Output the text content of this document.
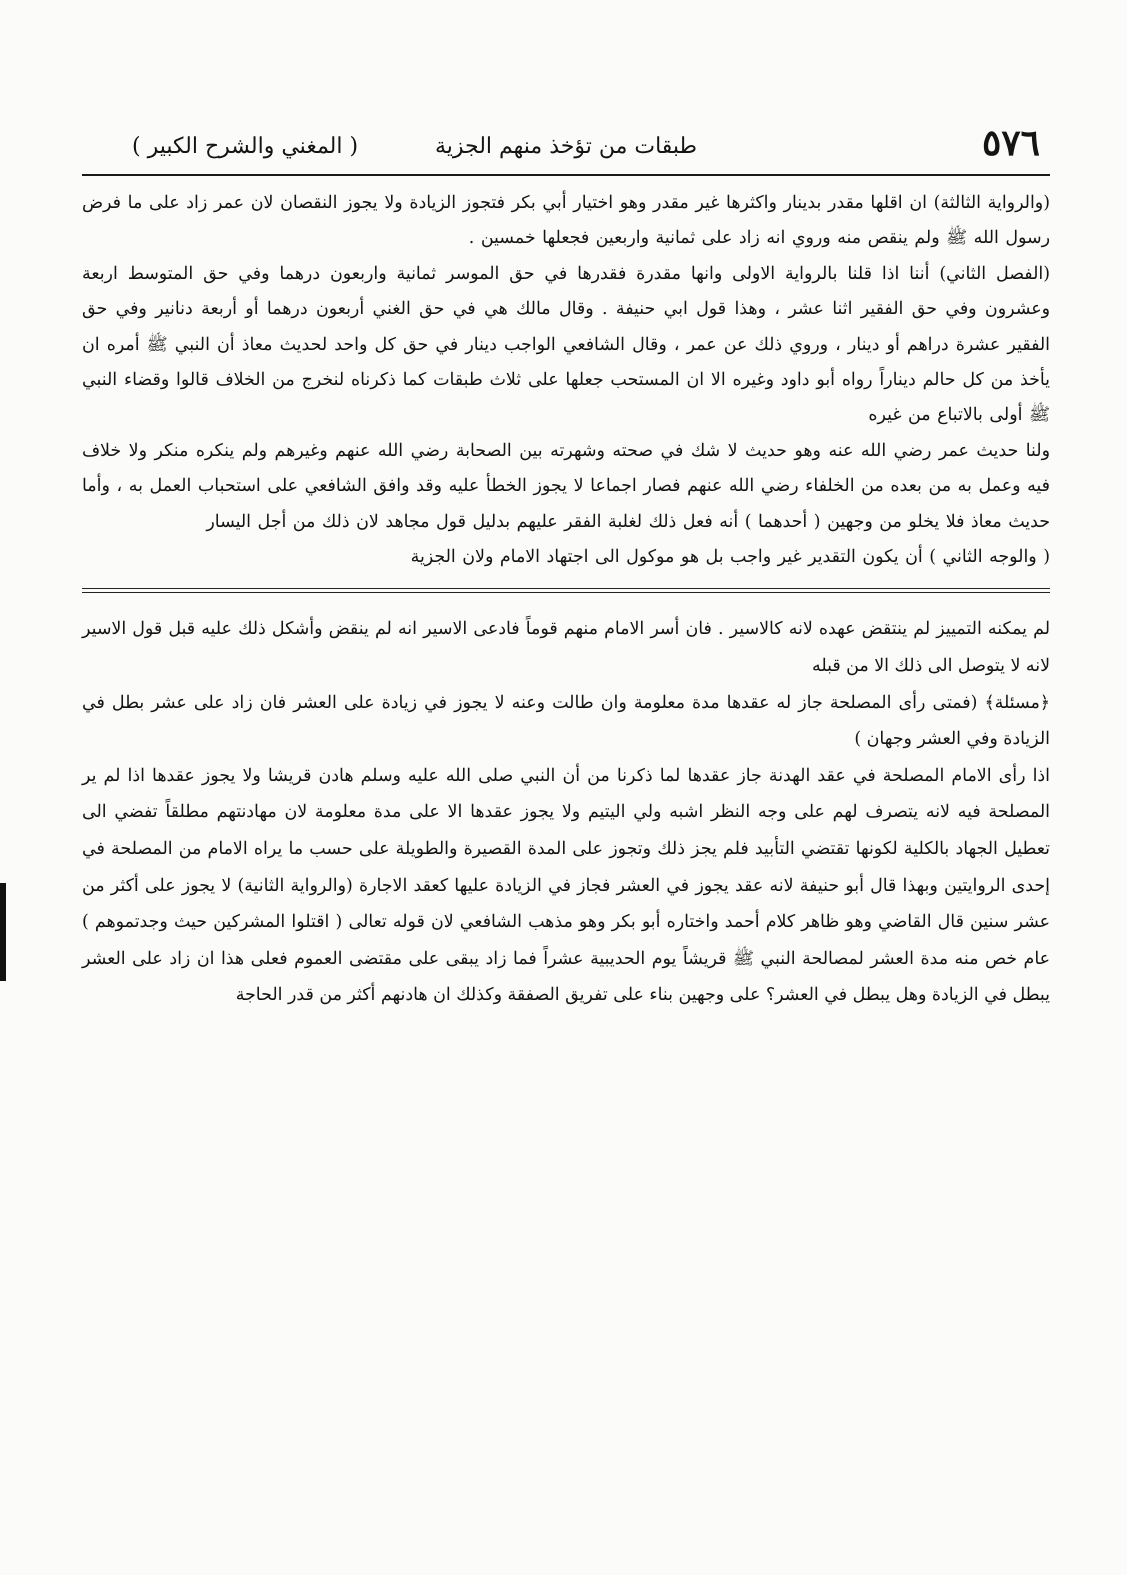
٥٧٦
طبقات من تؤخذ منهم الجزية
( المغني والشرح الكبير )

(والرواية الثالثة) ان اقلها مقدر بدينار واكثرها غير مقدر وهو اختيار أبي بكر فتجوز الزيادة ولا يجوز النقصان لان عمر زاد على ما فرض رسول الله ﷺ ولم ينقص منه وروي انه زاد على ثمانية واربعين فجعلها خمسين .

(الفصل الثاني) أننا اذا قلنا بالرواية الاولى وانها مقدرة فقدرها في حق الموسر ثمانية واربعون درهما وفي حق المتوسط اربعة وعشرون وفي حق الفقير اثنا عشر ، وهذا قول ابي حنيفة . وقال مالك هي في حق الغني أربعون درهما أو أربعة دنانير وفي حق الفقير عشرة دراهم أو دينار ، وروي ذلك عن عمر ، وقال الشافعي الواجب دينار في حق كل واحد لحديث معاذ أن النبي ﷺ أمره ان يأخذ من كل حالم ديناراً رواه أبو داود وغيره الا ان المستحب جعلها على ثلاث طبقات كما ذكرناه لنخرج من الخلاف قالوا وقضاء النبي ﷺ أولى بالاتباع من غيره

ولنا حديث عمر رضي الله عنه وهو حديث لا شك في صحته وشهرته بين الصحابة رضي الله عنهم وغيرهم ولم ينكره منكر ولا خلاف فيه وعمل به من بعده من الخلفاء رضي الله عنهم فصار اجماعا لا يجوز الخطأ عليه وقد وافق الشافعي على استحباب العمل به ، وأما حديث معاذ فلا يخلو من وجهين ( أحدهما ) أنه فعل ذلك لغلبة الفقر عليهم بدليل قول مجاهد لان ذلك من أجل اليسار

( والوجه الثاني ) أن يكون التقدير غير واجب بل هو موكول الى اجتهاد الامام ولان الجزية

لم يمكنه التمييز لم ينتقض عهده لانه كالاسير . فان أسر الامام منهم قوماً فادعى الاسير انه لم ينقض وأشكل ذلك عليه قبل قول الاسير لانه لا يتوصل الى ذلك الا من قبله

﴿مسئلة﴾ (فمتى رأى المصلحة جاز له عقدها مدة معلومة وان طالت وعنه لا يجوز في زيادة على العشر فان زاد على عشر بطل في الزيادة وفي العشر وجهان )

اذا رأى الامام المصلحة في عقد الهدنة جاز عقدها لما ذكرنا من أن النبي صلى الله عليه وسلم هادن قريشا ولا يجوز عقدها اذا لم ير المصلحة فيه لانه يتصرف لهم على وجه النظر اشبه ولي اليتيم ولا يجوز عقدها الا على مدة معلومة لان مهادنتهم مطلقاً تفضي الى تعطيل الجهاد بالكلية لكونها تقتضي التأبيد فلم يجز ذلك وتجوز على المدة القصيرة والطويلة على حسب ما يراه الامام من المصلحة في إحدى الروايتين وبهذا قال أبو حنيفة لانه عقد يجوز في العشر فجاز في الزيادة عليها كعقد الاجارة (والرواية الثانية) لا يجوز على أكثر من عشر سنين قال القاضي وهو ظاهر كلام أحمد واختاره أبو بكر وهو مذهب الشافعي لان قوله تعالى ( اقتلوا المشركين حيث وجدتموهم ) عام خص منه مدة العشر لمصالحة النبي ﷺ قريشاً يوم الحديبية عشراً فما زاد يبقى على مقتضى العموم فعلى هذا ان زاد على العشر يبطل في الزيادة وهل يبطل في العشر؟ على وجهين بناء على تفريق الصفقة وكذلك ان هادنهم أكثر من قدر الحاجة
